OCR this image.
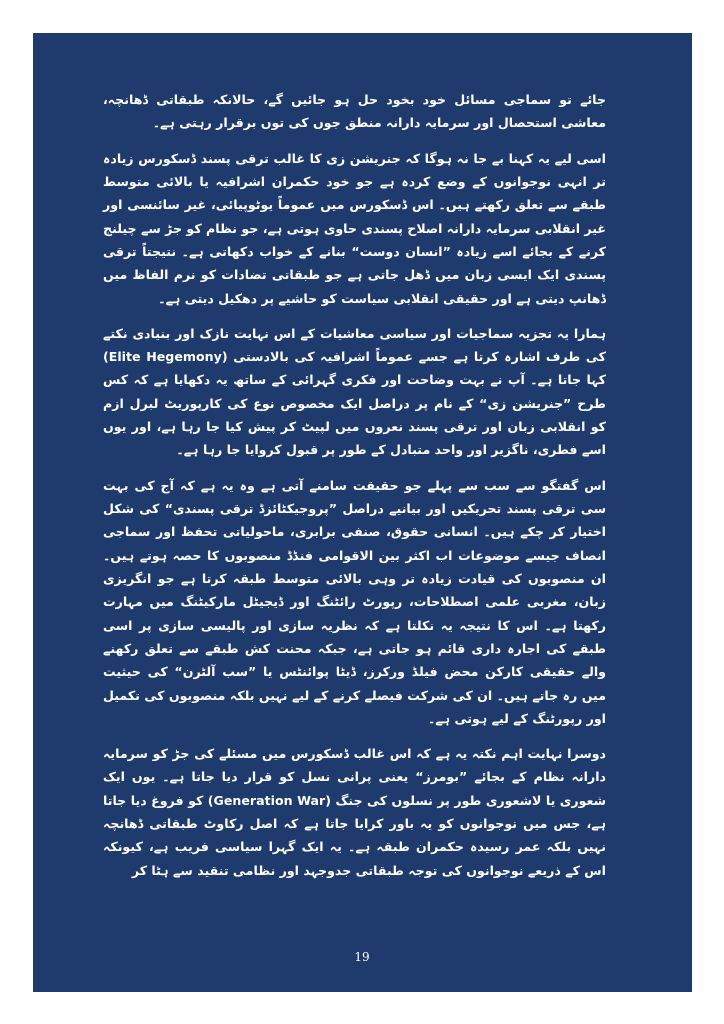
جائے تو سماجی مسائل خود بخود حل ہو جائیں گے، حالانکہ طبقاتی ڈھانچہ، معاشی استحصال اور سرمایہ دارانہ منطق جوں کی توں برقرار رہتی ہے۔

اسی لیے یہ کہنا بے جا نہ ہوگا کہ جنریشن زی کا غالب ترقی پسند ڈسکورس زیادہ تر انہی نوجوانوں کے وضع کردہ ہے جو خود حکمران اشرافیہ یا بالائی متوسط طبقے سے تعلق رکھتے ہیں۔ اس ڈسکورس میں عموماً یوٹوپیائی، غیر سائنسی اور غیر انقلابی سرمایہ دارانہ اصلاح پسندی حاوی ہوتی ہے، جو نظام کو جڑ سے چیلنج کرنے کے بجائے اسے زیادہ ”انسان دوست“ بنانے کے خواب دکھاتی ہے۔ نتیجتاً ترقی پسندی ایک ایسی زبان میں ڈھل جاتی ہے جو طبقاتی تضادات کو نرم الفاظ میں ڈھانپ دیتی ہے اور حقیقی انقلابی سیاست کو حاشیے پر دھکیل دیتی ہے۔

ہمارا یہ تجزیہ سماجیات اور سیاسی معاشیات کے اس نہایت نازک اور بنیادی نکتے کی طرف اشارہ کرتا ہے جسے عموماً اشرافیہ کی بالادستی (Elite Hegemony) کہا جاتا ہے۔ آپ نے بہت وضاحت اور فکری گہرائی کے ساتھ یہ دکھایا ہے کہ کس طرح ”جنریشن زی“ کے نام پر دراصل ایک مخصوص نوع کی کارپوریٹ لبرل ازم کو انقلابی زبان اور ترقی پسند نعروں میں لپیٹ کر پیش کیا جا رہا ہے، اور یوں اسے فطری، ناگزیر اور واحد متبادل کے طور پر قبول کروایا جا رہا ہے۔

اس گفتگو سے سب سے پہلے جو حقیقت سامنے آتی ہے وہ یہ ہے کہ آج کی بہت سی ترقی پسند تحریکیں اور بیانیے دراصل ”پروجیکٹائزڈ ترقی پسندی“ کی شکل اختیار کر چکے ہیں۔ انسانی حقوق، صنفی برابری، ماحولیاتی تحفظ اور سماجی انصاف جیسے موضوعات اب اکثر بین الاقوامی فنڈڈ منصوبوں کا حصہ ہوتے ہیں۔ ان منصوبوں کی قیادت زیادہ تر وہی بالائی متوسط طبقہ کرتا ہے جو انگریزی زبان، مغربی علمی اصطلاحات، رپورٹ رائٹنگ اور ڈیجیٹل مارکیٹنگ میں مہارت رکھتا ہے۔ اس کا نتیجہ یہ نکلتا ہے کہ نظریہ سازی اور پالیسی سازی پر اسی طبقے کی اجارہ داری قائم ہو جاتی ہے، جبکہ محنت کش طبقے سے تعلق رکھنے والے حقیقی کارکن محض فیلڈ ورکرز، ڈیٹا پوائنٹس یا ”سب آلٹرن“ کی حیثیت میں رہ جاتے ہیں۔ ان کی شرکت فیصلے کرنے کے لیے نہیں بلکہ منصوبوں کی تکمیل اور رپورٹنگ کے لیے ہوتی ہے۔

دوسرا نہایت اہم نکتہ یہ ہے کہ اس غالب ڈسکورس میں مسئلے کی جڑ کو سرمایہ دارانہ نظام کے بجائے ”بومرز“ یعنی پرانی نسل کو قرار دیا جاتا ہے۔ یوں ایک شعوری یا لاشعوری طور پر نسلوں کی جنگ (Generation War) کو فروغ دیا جاتا ہے، جس میں نوجوانوں کو یہ باور کرایا جاتا ہے کہ اصل رکاوٹ طبقاتی ڈھانچہ نہیں بلکہ عمر رسیدہ حکمران طبقہ ہے۔ یہ ایک گہرا سیاسی فریب ہے، کیونکہ اس کے ذریعے نوجوانوں کی توجہ طبقاتی جدوجہد اور نظامی تنقید سے ہٹا کر

19
